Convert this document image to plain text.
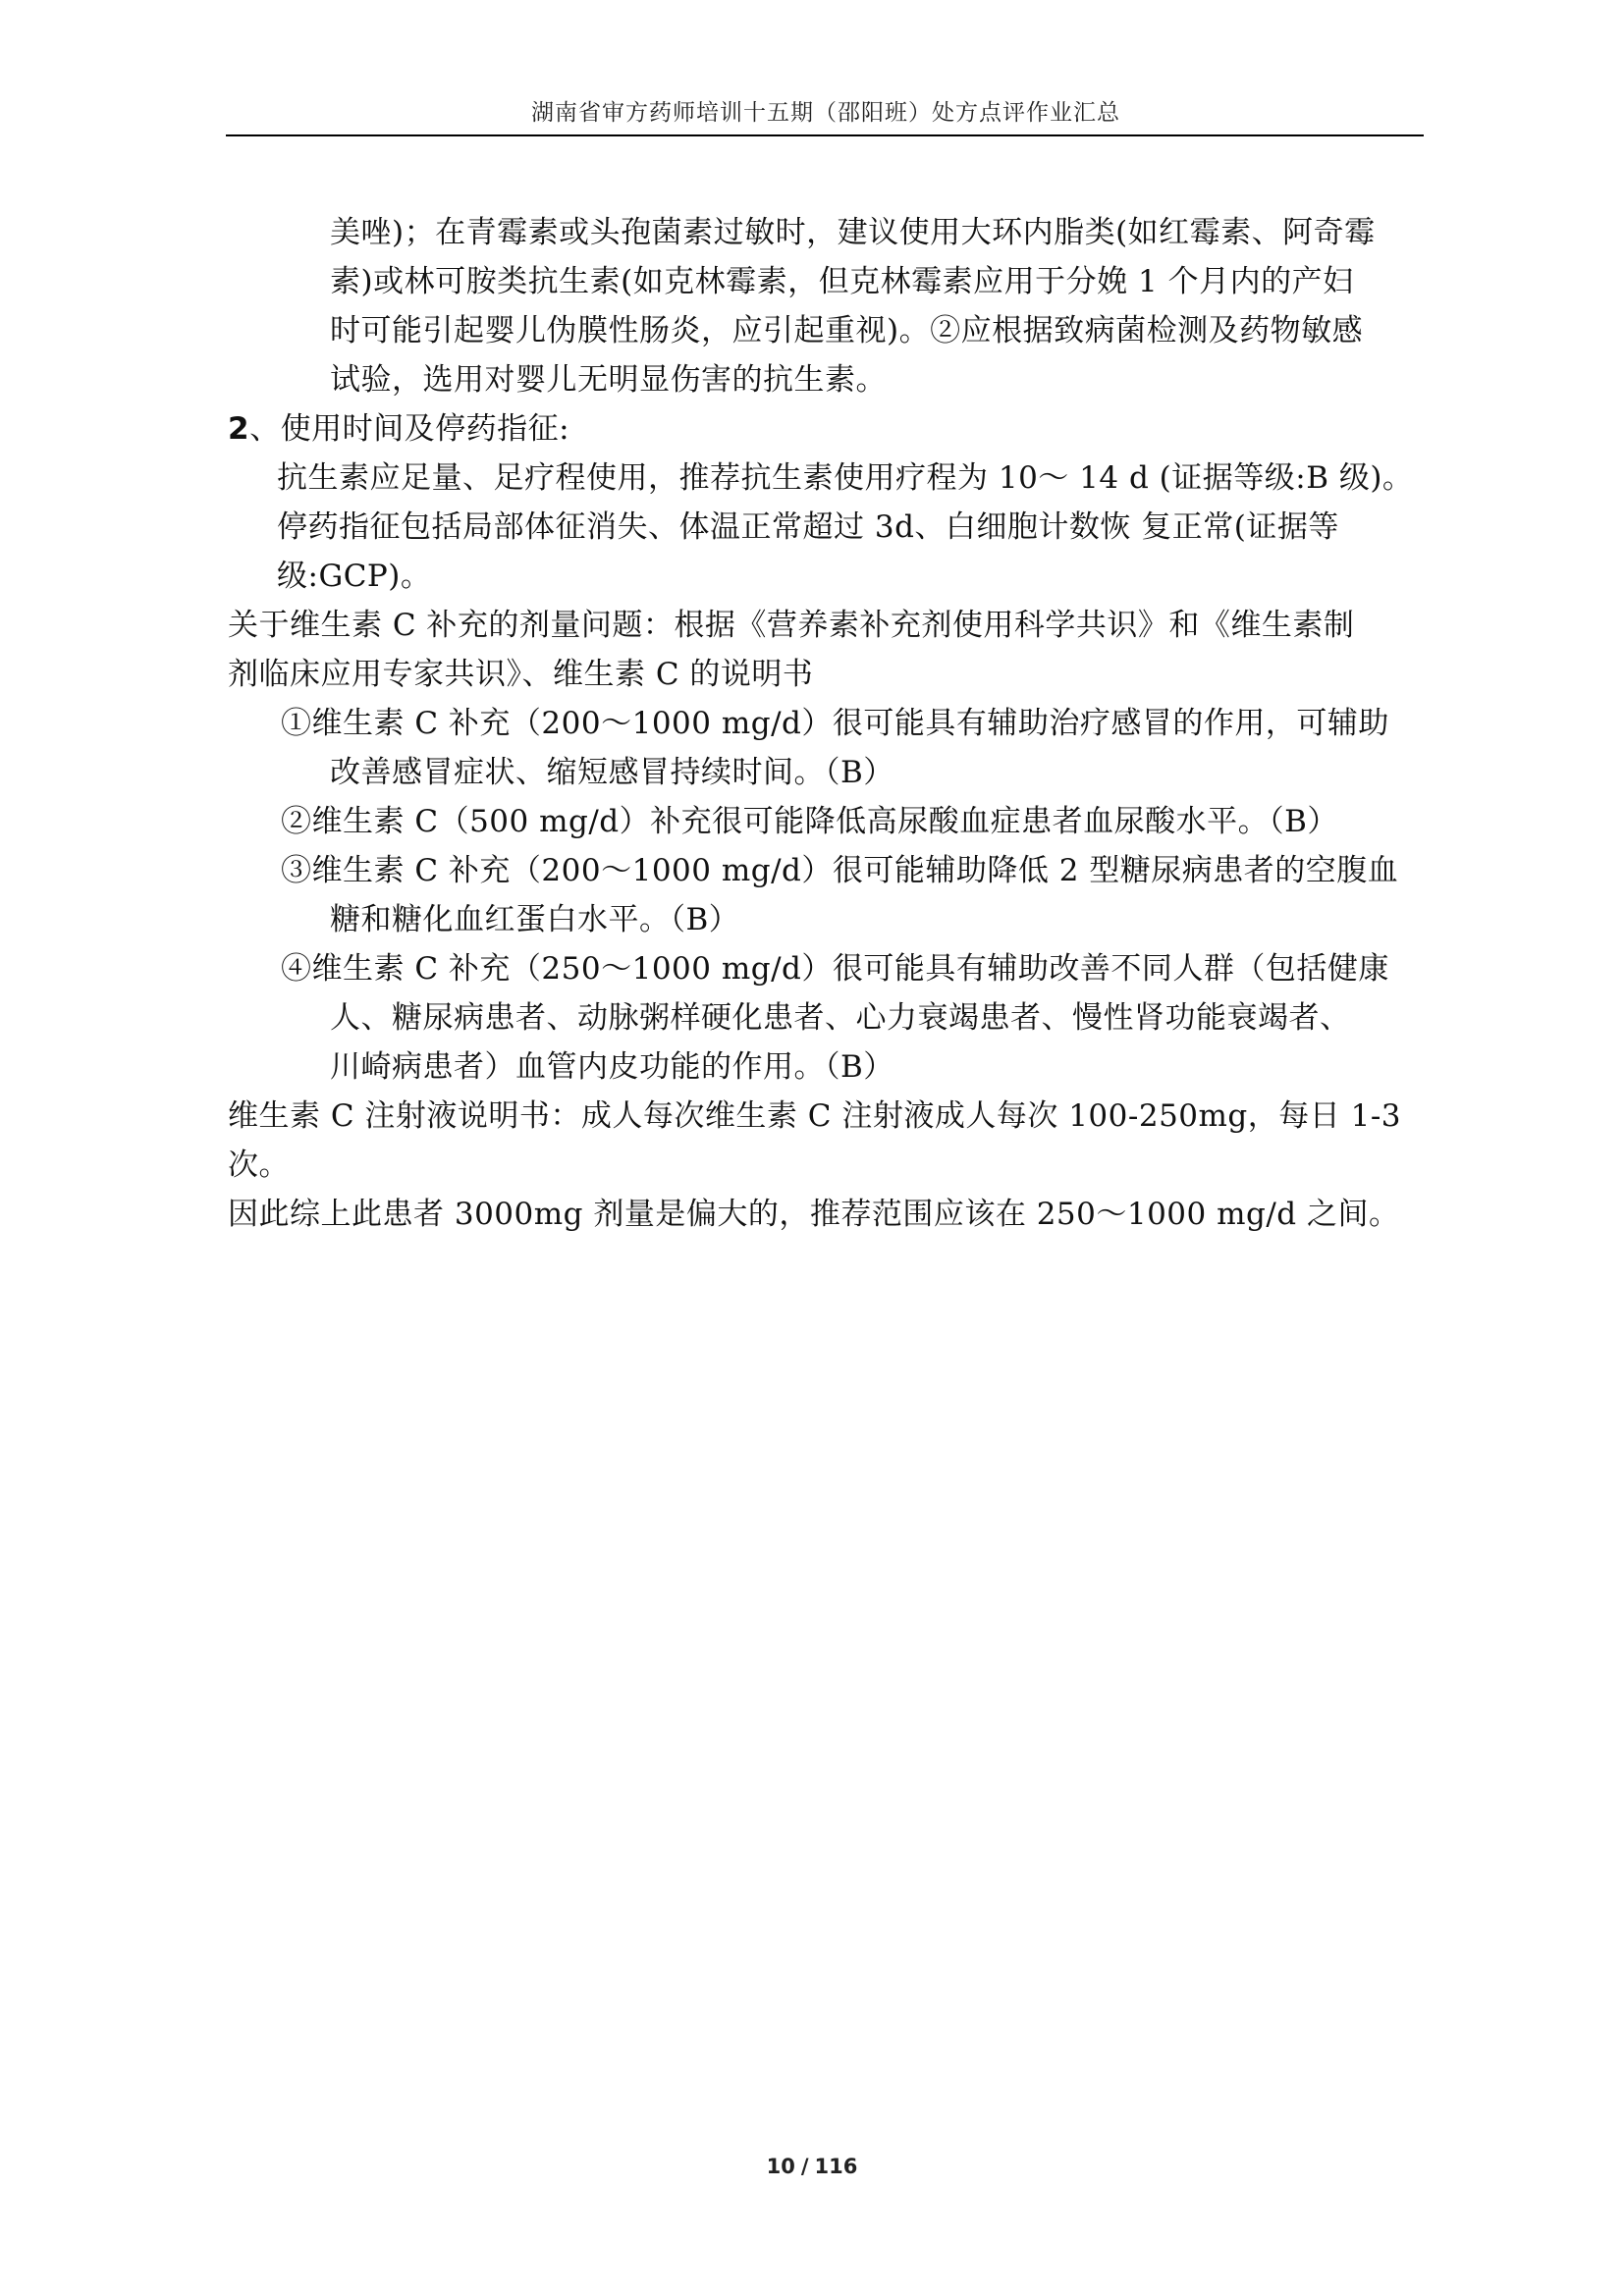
湖南省审方药师培训十五期（邵阳班）处方点评作业汇总
美唑)；在青霉素或头孢菌素过敏时，建议使用大环内脂类(如红霉素、阿奇霉
素)或林可胺类抗生素(如克林霉素，但克林霉素应用于分娩 1 个月内的产妇
时可能引起婴儿伪膜性肠炎，应引起重视)。②应根据致病菌检测及药物敏感
试验，选用对婴儿无明显伤害的抗生素。
2、使用时间及停药指征:
抗生素应足量、足疗程使用，推荐抗生素使用疗程为 10～ 14 d (证据等级:B 级)。
停药指征包括局部体征消失、体温正常超过 3d、白细胞计数恢 复正常(证据等
级:GCP)。
关于维生素 C 补充的剂量问题：根据《营养素补充剂使用科学共识》和《维生素制
剂临床应用专家共识》、维生素 C 的说明书
①维生素 C 补充（200～1000 mg/d）很可能具有辅助治疗感冒的作用，可辅助
改善感冒症状、缩短感冒持续时间。（B）
②维生素 C（500 mg/d）补充很可能降低高尿酸血症患者血尿酸水平。（B）
③维生素 C 补充（200～1000 mg/d）很可能辅助降低 2 型糖尿病患者的空腹血
糖和糖化血红蛋白水平。（B）
④维生素 C 补充（250～1000 mg/d）很可能具有辅助改善不同人群（包括健康
人、糖尿病患者、动脉粥样硬化患者、心力衰竭患者、慢性肾功能衰竭者、
川崎病患者）血管内皮功能的作用。（B）
维生素 C 注射液说明书：成人每次维生素 C 注射液成人每次 100-250mg，每日 1-3
次。
因此综上此患者 3000mg 剂量是偏大的，推荐范围应该在 250～1000 mg/d 之间。
10 / 116
